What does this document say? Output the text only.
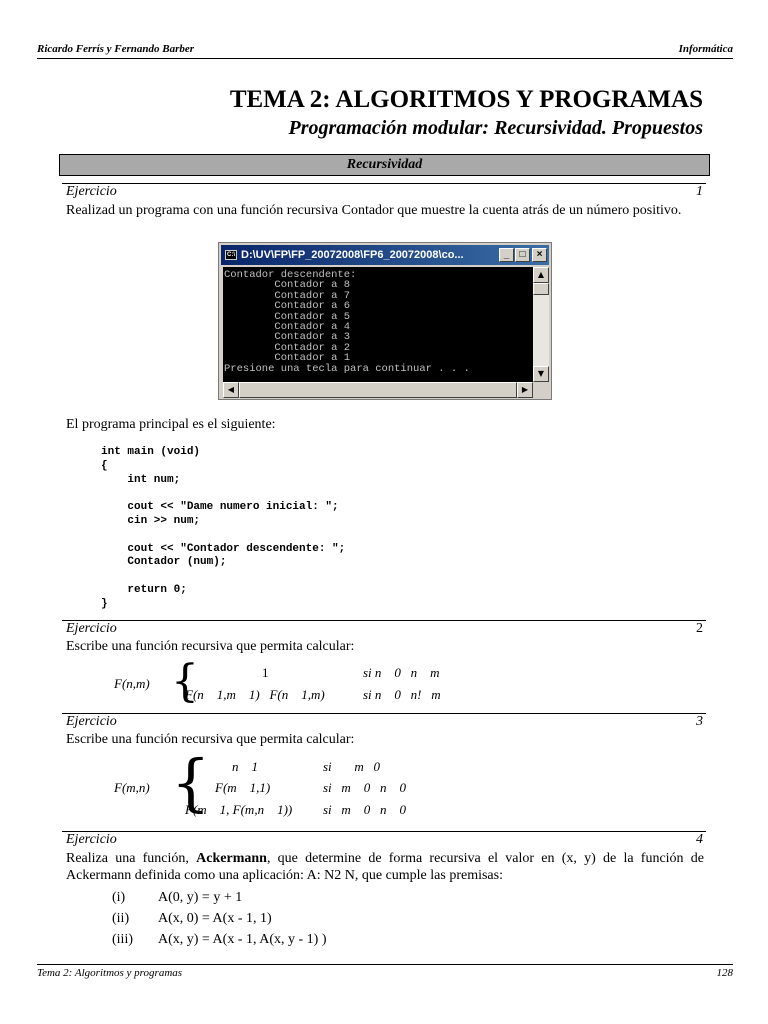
Ricardo Ferrís y Fernando Barber	Informática
TEMA 2: ALGORITMOS Y PROGRAMAS
Programación modular: Recursividad. Propuestos
Recursividad
Ejercicio	1
Realizad un programa con una función recursiva Contador que muestre la cuenta atrás de un número positivo.
C:\ D:\UV\FP\FP_20072008\FP6_20072008\co...	_	□	×
Contador descendente:
Contador a 8
Contador a 7
Contador a 6
Contador a 5
Contador a 4
Contador a 3
Contador a 2
Contador a 1
Presione una tecla para continuar . . .
▲
▼
◀	▶
El programa principal es el siguiente:
int main (void)
{
int num;

cout << "Dame numero inicial: ";
cin >> num;

cout << "Contador descendente: ";
Contador (num);

return 0;
}
Ejercicio	2
Escribe una función recursiva que permita calcular:
F(n,m) {	1	si n    0   n    m
F(n    1,m    1)   F(n    1,m)	si n    0   n!   m
Ejercicio	3
Escribe una función recursiva que permita calcular:
F(m,n) { n    1	si       m   0
F(m    1,1)	si   m    0   n    0
F(m    1, F(m,n    1)) si   m    0   n    0
Ejercicio	4
Realiza una función, Ackermann, que determine de forma recursiva el valor en (x, y) de la función de Ackermann definida como una aplicación: A: N2 N, que cumple las premisas:
(i) A(0, y) = y + 1
(ii) A(x, 0) = A(x - 1, 1)
(iii) A(x, y) = A(x - 1, A(x, y - 1) )
Tema 2: Algoritmos y programas	128
